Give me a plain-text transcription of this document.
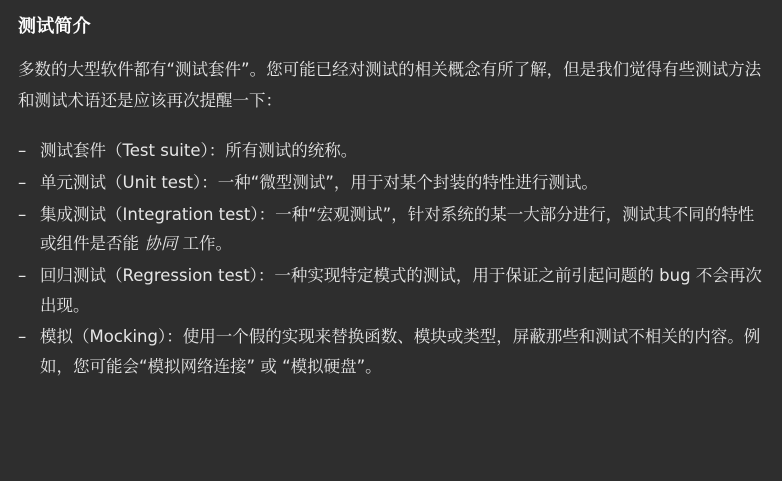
测试简介

多数的大型软件都有“测试套件”。您可能已经对测试的相关概念有所了解，但是我们觉得有些测试方法和测试术语还是应该再次提醒一下：

– 测试套件（Test suite）：所有测试的统称。
– 单元测试（Unit test）：一种“微型测试”，用于对某个封装的特性进行测试。
– 集成测试（Integration test）：一种“宏观测试”，针对系统的某一大部分进行，测试其不同的特性或组件是否能 协同 工作。
– 回归测试（Regression test）：一种实现特定模式的测试，用于保证之前引起问题的 bug 不会再次出现。
– 模拟（Mocking）：使用一个假的实现来替换函数、模块或类型，屏蔽那些和测试不相关的内容。例如，您可能会“模拟网络连接” 或 “模拟硬盘”。
